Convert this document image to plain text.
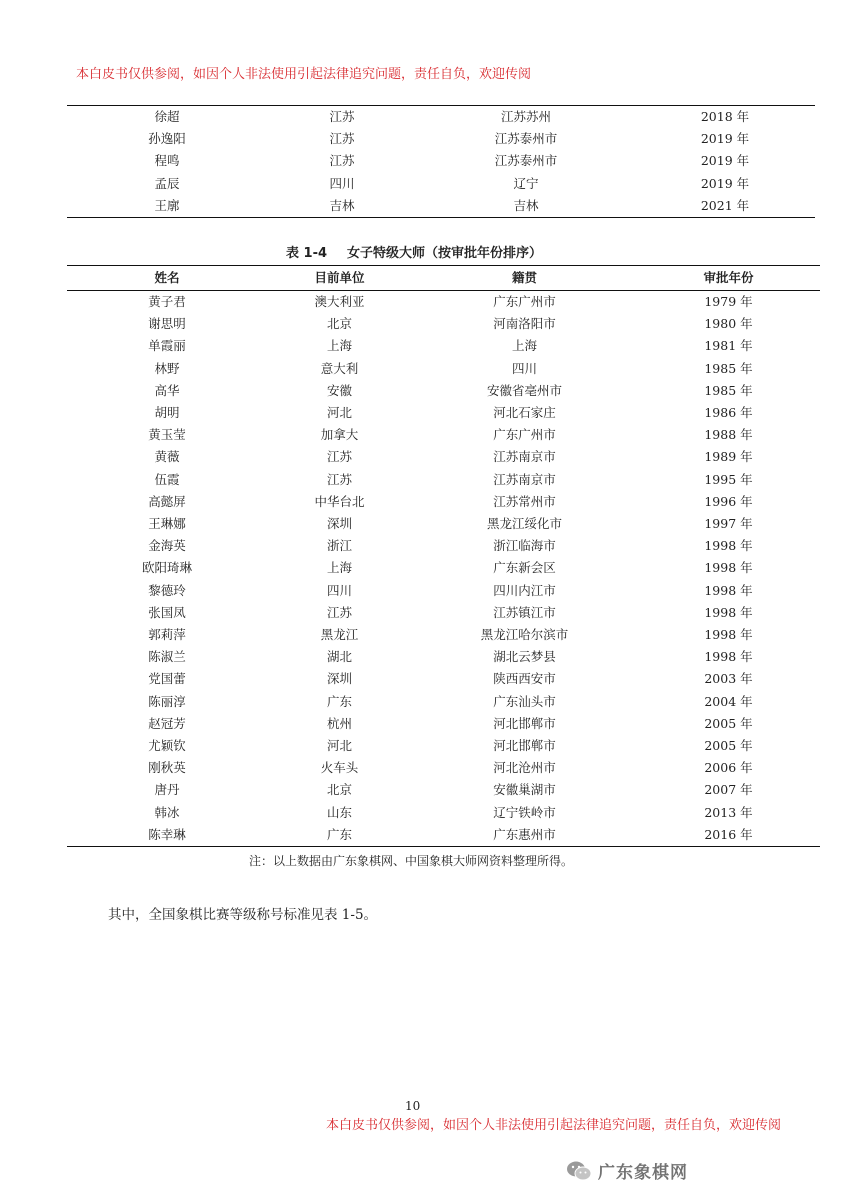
本白皮书仅供参阅，如因个人非法使用引起法律追究问题，责任自负，欢迎传阅
徐超	江苏	江苏苏州	2018 年
孙逸阳	江苏	江苏泰州市	2019 年
程鸣	江苏	江苏泰州市	2019 年
孟辰	四川	辽宁	2019 年
王廓	吉林	吉林	2021 年
表 1-4 女子特级大师（按审批年份排序）
姓名	目前单位	籍贯	审批年份
黄子君	澳大利亚	广东广州市	1979 年
谢思明	北京	河南洛阳市	1980 年
单霞丽	上海	上海	1981 年
林野	意大利	四川	1985 年
高华	安徽	安徽省亳州市	1985 年
胡明	河北	河北石家庄	1986 年
黄玉莹	加拿大	广东广州市	1988 年
黄薇	江苏	江苏南京市	1989 年
伍霞	江苏	江苏南京市	1995 年
高懿屏	中华台北	江苏常州市	1996 年
王琳娜	深圳	黑龙江绥化市	1997 年
金海英	浙江	浙江临海市	1998 年
欧阳琦琳	上海	广东新会区	1998 年
黎德玲	四川	四川内江市	1998 年
张国凤	江苏	江苏镇江市	1998 年
郭莉萍	黑龙江	黑龙江哈尔滨市	1998 年
陈淑兰	湖北	湖北云梦县	1998 年
党国蕾	深圳	陕西西安市	2003 年
陈丽淳	广东	广东汕头市	2004 年
赵冠芳	杭州	河北邯郸市	2005 年
尤颖钦	河北	河北邯郸市	2005 年
刚秋英	火车头	河北沧州市	2006 年
唐丹	北京	安徽巢湖市	2007 年
韩冰	山东	辽宁铁岭市	2013 年
陈幸琳	广东	广东惠州市	2016 年
注：以上数据由广东象棋网、中国象棋大师网资料整理所得。
其中，全国象棋比赛等级称号标准见表 1-5。
10
本白皮书仅供参阅，如因个人非法使用引起法律追究问题，责任自负，欢迎传阅
广东象棋网
